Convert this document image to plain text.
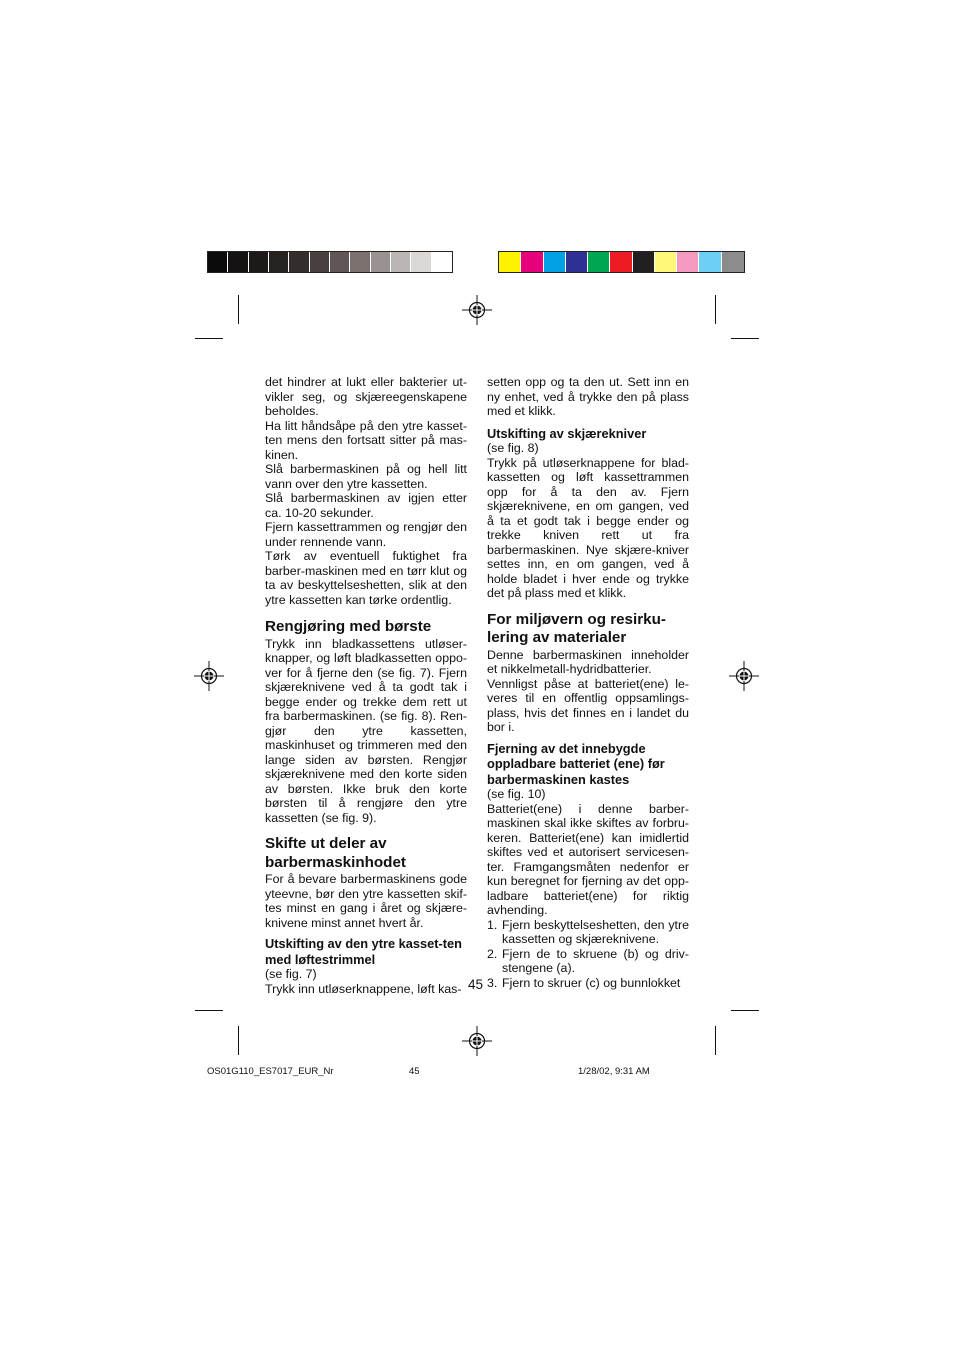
det hindrer at lukt eller bakterier ut-vikler seg, og skjæreegenskapene beholdes.

Ha litt håndsåpe på den ytre kasset-ten mens den fortsatt sitter på mas-kinen.

Slå barbermaskinen på og hell litt vann over den ytre kassetten.

Slå barbermaskinen av igjen etter ca. 10-20 sekunder.

Fjern kassettrammen og rengjør den under rennende vann.

Tørk av eventuell fuktighet fra barber-maskinen med en tørr klut og ta av beskyttelseshetten, slik at den ytre kassetten kan tørke ordentlig.

Rengjøring med børste

Trykk inn bladkassettens utløser-knapper, og løft bladkassetten oppo-ver for å fjerne den (se fig. 7). Fjern skjæreknivene ved å ta godt tak i begge ender og trekke dem rett ut fra barbermaskinen. (se fig. 8). Ren-gjør den ytre kassetten, maskinhuset og trimmeren med den lange siden av børsten. Rengjør skjæreknivene med den korte siden av børsten. Ikke bruk den korte børsten til å rengjøre den ytre kassetten (se fig. 9).

Skifte ut deler av barbermaskinhodet

For å bevare barbermaskinens gode yteevne, bør den ytre kassetten skif-tes minst en gang i året og skjære-knivene minst annet hvert år.

Utskifting av den ytre kasset-ten med løftestrimmel

(se fig. 7)

Trykk inn utløserknappene, løft kas-

setten opp og ta den ut. Sett inn en ny enhet, ved å trykke den på plass med et klikk.

Utskifting av skjærekniver

(se fig. 8)

Trykk på utløserknappene for blad-kassetten og løft kassettrammen opp for å ta den av. Fjern skjæreknivene, en om gangen, ved å ta et godt tak i begge ender og trekke kniven rett ut fra barbermaskinen. Nye skjære-kniver settes inn, en om gangen, ved å holde bladet i hver ende og trykke det på plass med et klikk.

For miljøvern og resirku-lering av materialer

Denne barbermaskinen inneholder et nikkelmetall-hydridbatterier.

Vennligst påse at batteriet(ene) le-veres til en offentlig oppsamlings-plass, hvis det finnes en i landet du bor i.

Fjerning av det innebygde oppladbare batteriet (ene) før barbermaskinen kastes

(se fig. 10)

Batteriet(ene) i denne barber-maskinen skal ikke skiftes av forbru-keren. Batteriet(ene) kan imidlertid skiftes ved et autorisert servicesen-ter. Framgangsmåten nedenfor er kun beregnet for fjerning av det opp-ladbare batteriet(ene) for riktig avhending.

1. Fjern beskyttelseshetten, den ytre kassetten og skjæreknivene.
2. Fjern de to skruene (b) og driv-stengene (a).
3. Fjern to skruer (c) og bunnlokket
45
OS01G110_ES7017_EUR_Nr	45	1/28/02, 9:31 AM
